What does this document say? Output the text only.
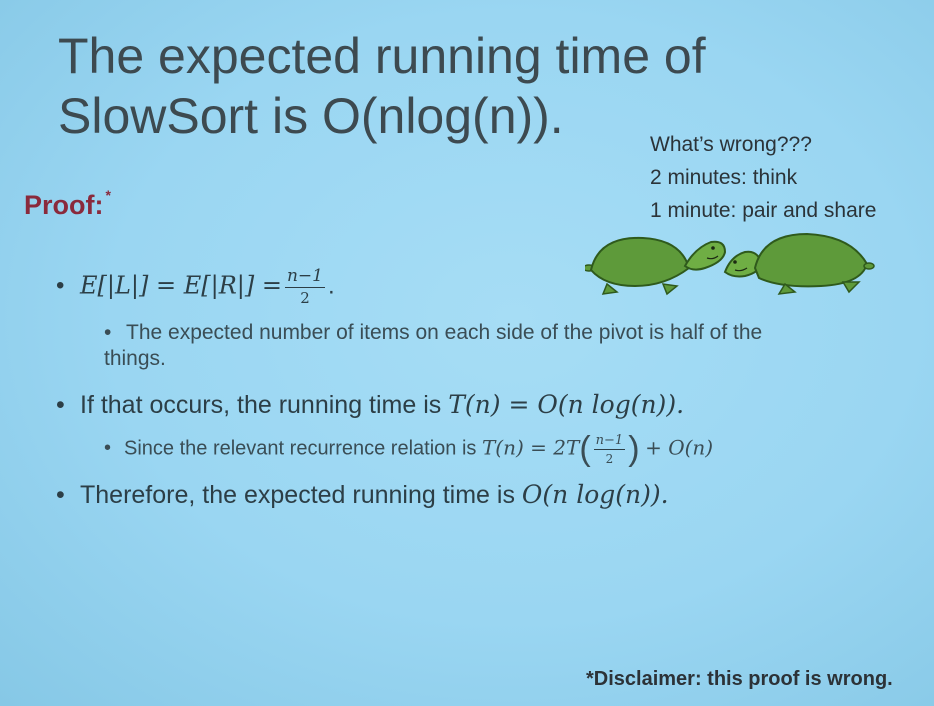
The expected running time of
SlowSort is O(nlog(n)).
What’s wrong???
2 minutes: think
1 minute: pair and share
Proof: *
• $E[|L|] = E[|R|] = \frac{n-1}{2}$ .
• The expected number of items on each side of the pivot is half of the things.
• If that occurs, the running time is T(n) = O(n log(n)).
• Since the relevant recurrence relation is $T(n) = 2T( \frac{n-1}{2}$ ) + O(n)
• Therefore, the expected running time is O(n log(n)).
*Disclaimer: this proof is wrong.
